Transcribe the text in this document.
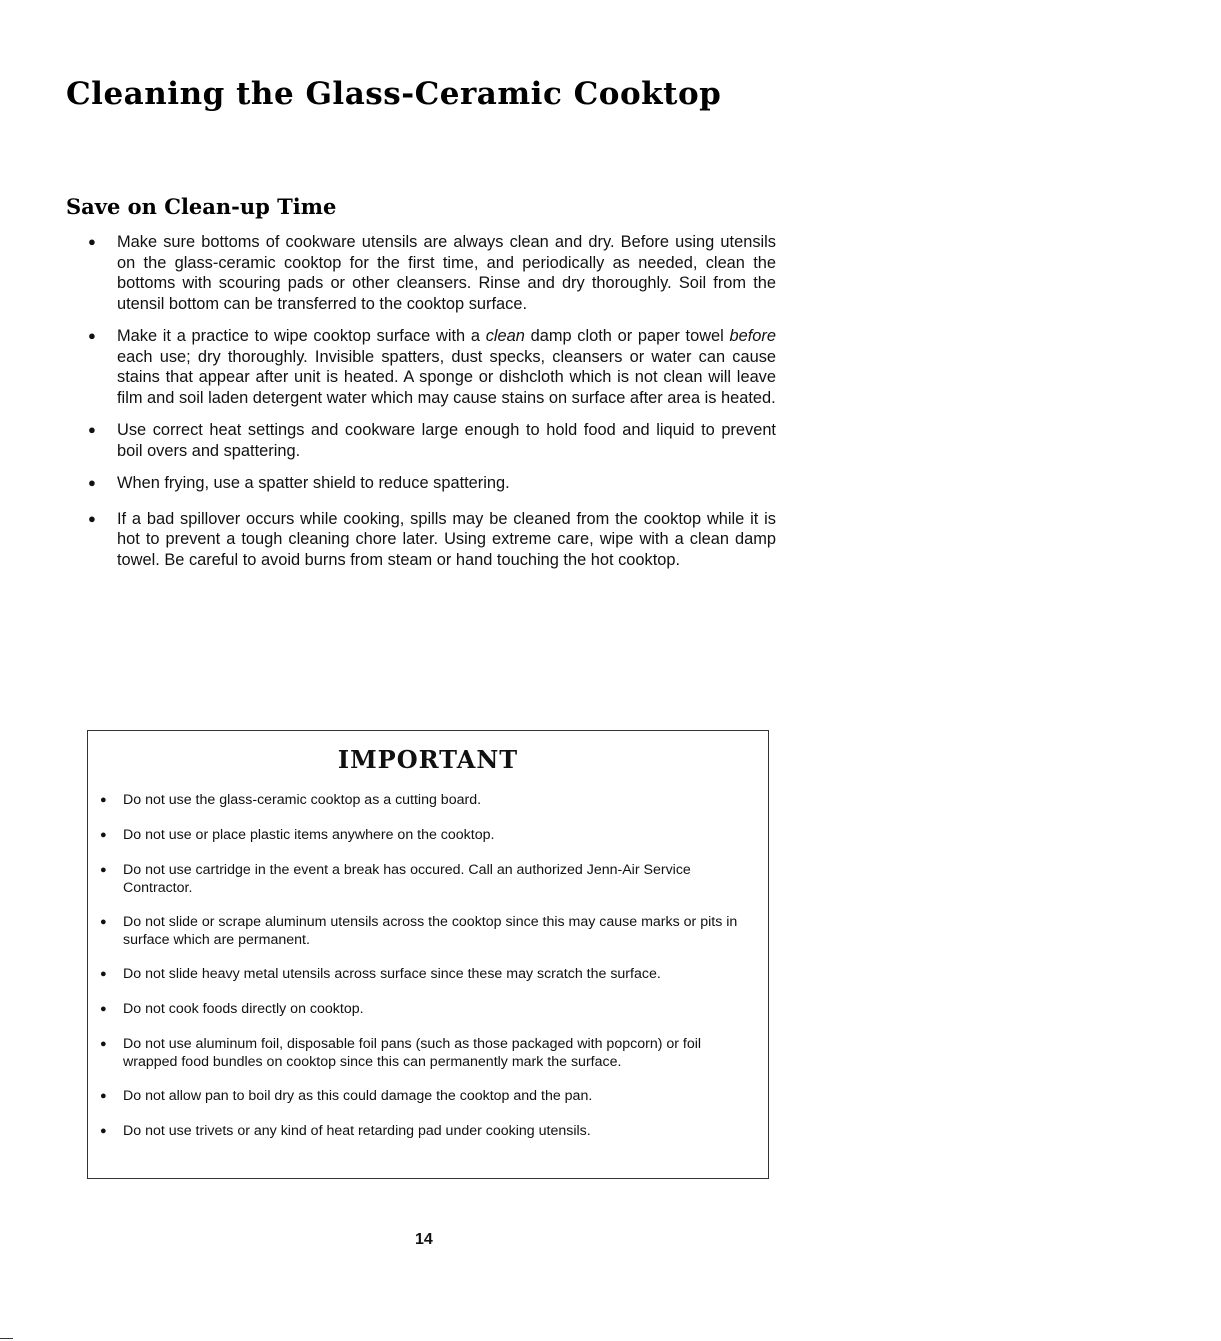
Cleaning the Glass-Ceramic Cooktop
Save on Clean-up Time
● Make sure bottoms of cookware utensils are always clean and dry. Before using utensils on the glass-ceramic cooktop for the first time, and periodically as needed, clean the bottoms with scouring pads or other cleansers. Rinse and dry thoroughly. Soil from the utensil bottom can be transferred to the cooktop surface.
● Make it a practice to wipe cooktop surface with a clean damp cloth or paper towel before each use; dry thoroughly. Invisible spatters, dust specks, cleansers or water can cause stains that appear after unit is heated. A sponge or dishcloth which is not clean will leave film and soil laden detergent water which may cause stains on surface after area is heated.
● Use correct heat settings and cookware large enough to hold food and liquid to prevent boil overs and spattering.
● When frying, use a spatter shield to reduce spattering.
● If a bad spillover occurs while cooking, spills may be cleaned from the cooktop while it is hot to prevent a tough cleaning chore later. Using extreme care, wipe with a clean damp towel. Be careful to avoid burns from steam or hand touching the hot cooktop.
IMPORTANT
● Do not use the glass-ceramic cooktop as a cutting board.
● Do not use or place plastic items anywhere on the cooktop.
● Do not use cartridge in the event a break has occured. Call an authorized Jenn-Air Service Contractor.
● Do not slide or scrape aluminum utensils across the cooktop since this may cause marks or pits in surface which are permanent.
● Do not slide heavy metal utensils across surface since these may scratch the surface.
● Do not cook foods directly on cooktop.
● Do not use aluminum foil, disposable foil pans (such as those packaged with popcorn) or foil wrapped food bundles on cooktop since this can permanently mark the surface.
● Do not allow pan to boil dry as this could damage the cooktop and the pan.
● Do not use trivets or any kind of heat retarding pad under cooking utensils.
14
